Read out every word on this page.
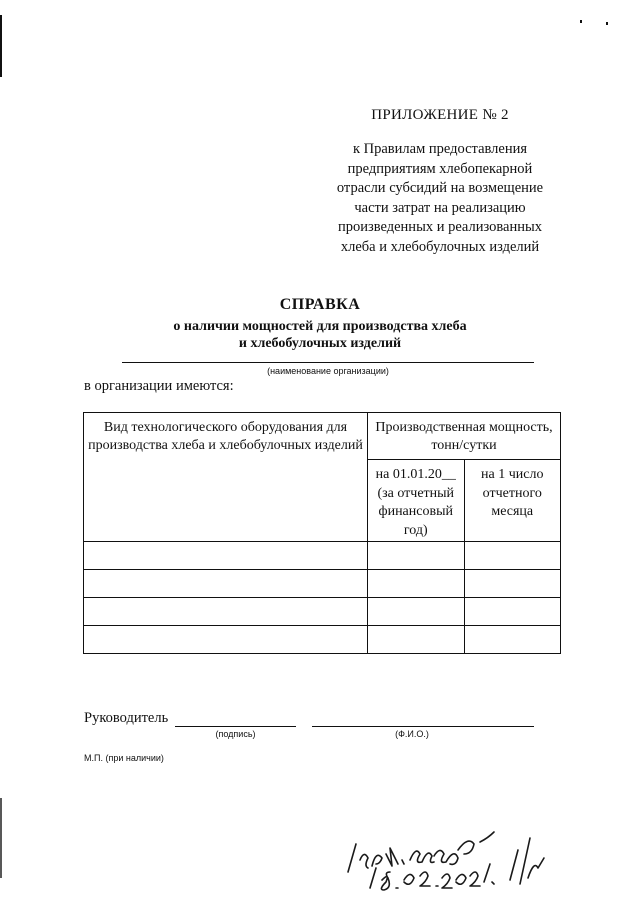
ПРИЛОЖЕНИЕ № 2
к Правилам предоставления
предприятиям хлебопекарной
отрасли субсидий на возмещение
части затрат на реализацию
произведенных и реализованных
хлеба и хлебобулочных изделий
СПРАВКА
о наличии мощностей для производства хлеба
и хлебобулочных изделий
(наименование организации)
в организации имеются:
Вид технологического оборудования для производства хлеба и хлебобулочных изделий	Производственная мощность, тонн/сутки	
	на 01.01.20__ (за отчетный финансовый год)	на 1 число отчетного месяца

Руководитель
(подпись)	(Ф.И.О.)
М.П. (при наличии)
